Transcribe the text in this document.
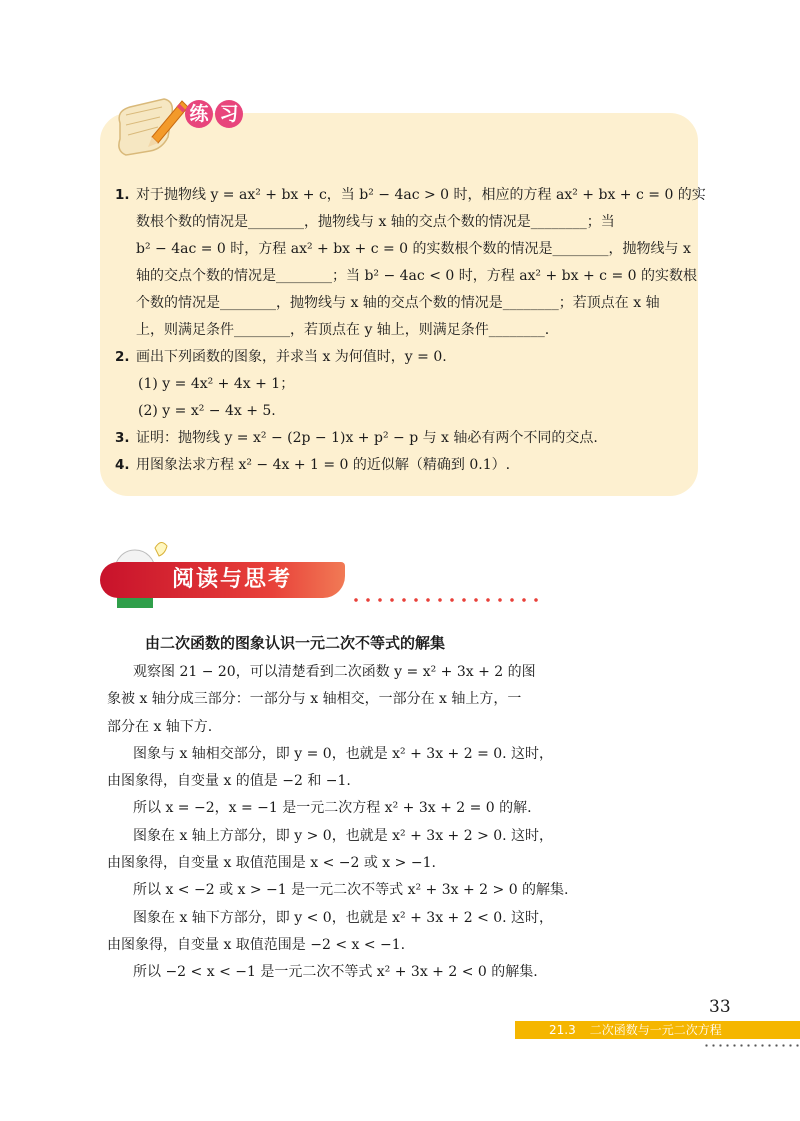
练 习
1. 对于抛物线 y = ax² + bx + c，当 b² − 4ac > 0 时，相应的方程 ax² + bx + c = 0 的实
数根个数的情况是________，抛物线与 x 轴的交点个数的情况是________；当
b² − 4ac = 0 时，方程 ax² + bx + c = 0 的实数根个数的情况是________，抛物线与 x
轴的交点个数的情况是________；当 b² − 4ac < 0 时，方程 ax² + bx + c = 0 的实数根
个数的情况是________，抛物线与 x 轴的交点个数的情况是________；若顶点在 x 轴
上，则满足条件________，若顶点在 y 轴上，则满足条件________.
2. 画出下列函数的图象，并求当 x 为何值时，y = 0.
(1) y = 4x² + 4x + 1；
(2) y = x² − 4x + 5.
3. 证明：抛物线 y = x² − (2p − 1)x + p² − p 与 x 轴必有两个不同的交点.
4. 用图象法求方程 x² − 4x + 1 = 0 的近似解（精确到 0.1）.
阅读与思考
由二次函数的图象认识一元二次不等式的解集

观察图 21 − 20，可以清楚看到二次函数 y = x² + 3x + 2 的图

象被 x 轴分成三部分：一部分与 x 轴相交，一部分在 x 轴上方，一

部分在 x 轴下方.

图象与 x 轴相交部分，即 y = 0，也就是 x² + 3x + 2 = 0. 这时，

由图象得，自变量 x 的值是 −2 和 −1.

所以 x = −2，x = −1 是一元二次方程 x² + 3x + 2 = 0 的解.

图象在 x 轴上方部分，即 y > 0，也就是 x² + 3x + 2 > 0. 这时，

由图象得，自变量 x 取值范围是 x < −2 或 x > −1.

所以 x < −2 或 x > −1 是一元二次不等式 x² + 3x + 2 > 0 的解集.

图象在 x 轴下方部分，即 y < 0，也就是 x² + 3x + 2 < 0. 这时，

由图象得，自变量 x 取值范围是 −2 < x < −1.

所以 −2 < x < −1 是一元二次不等式 x² + 3x + 2 < 0 的解集.

33
21.3 二次函数与一元二次方程
